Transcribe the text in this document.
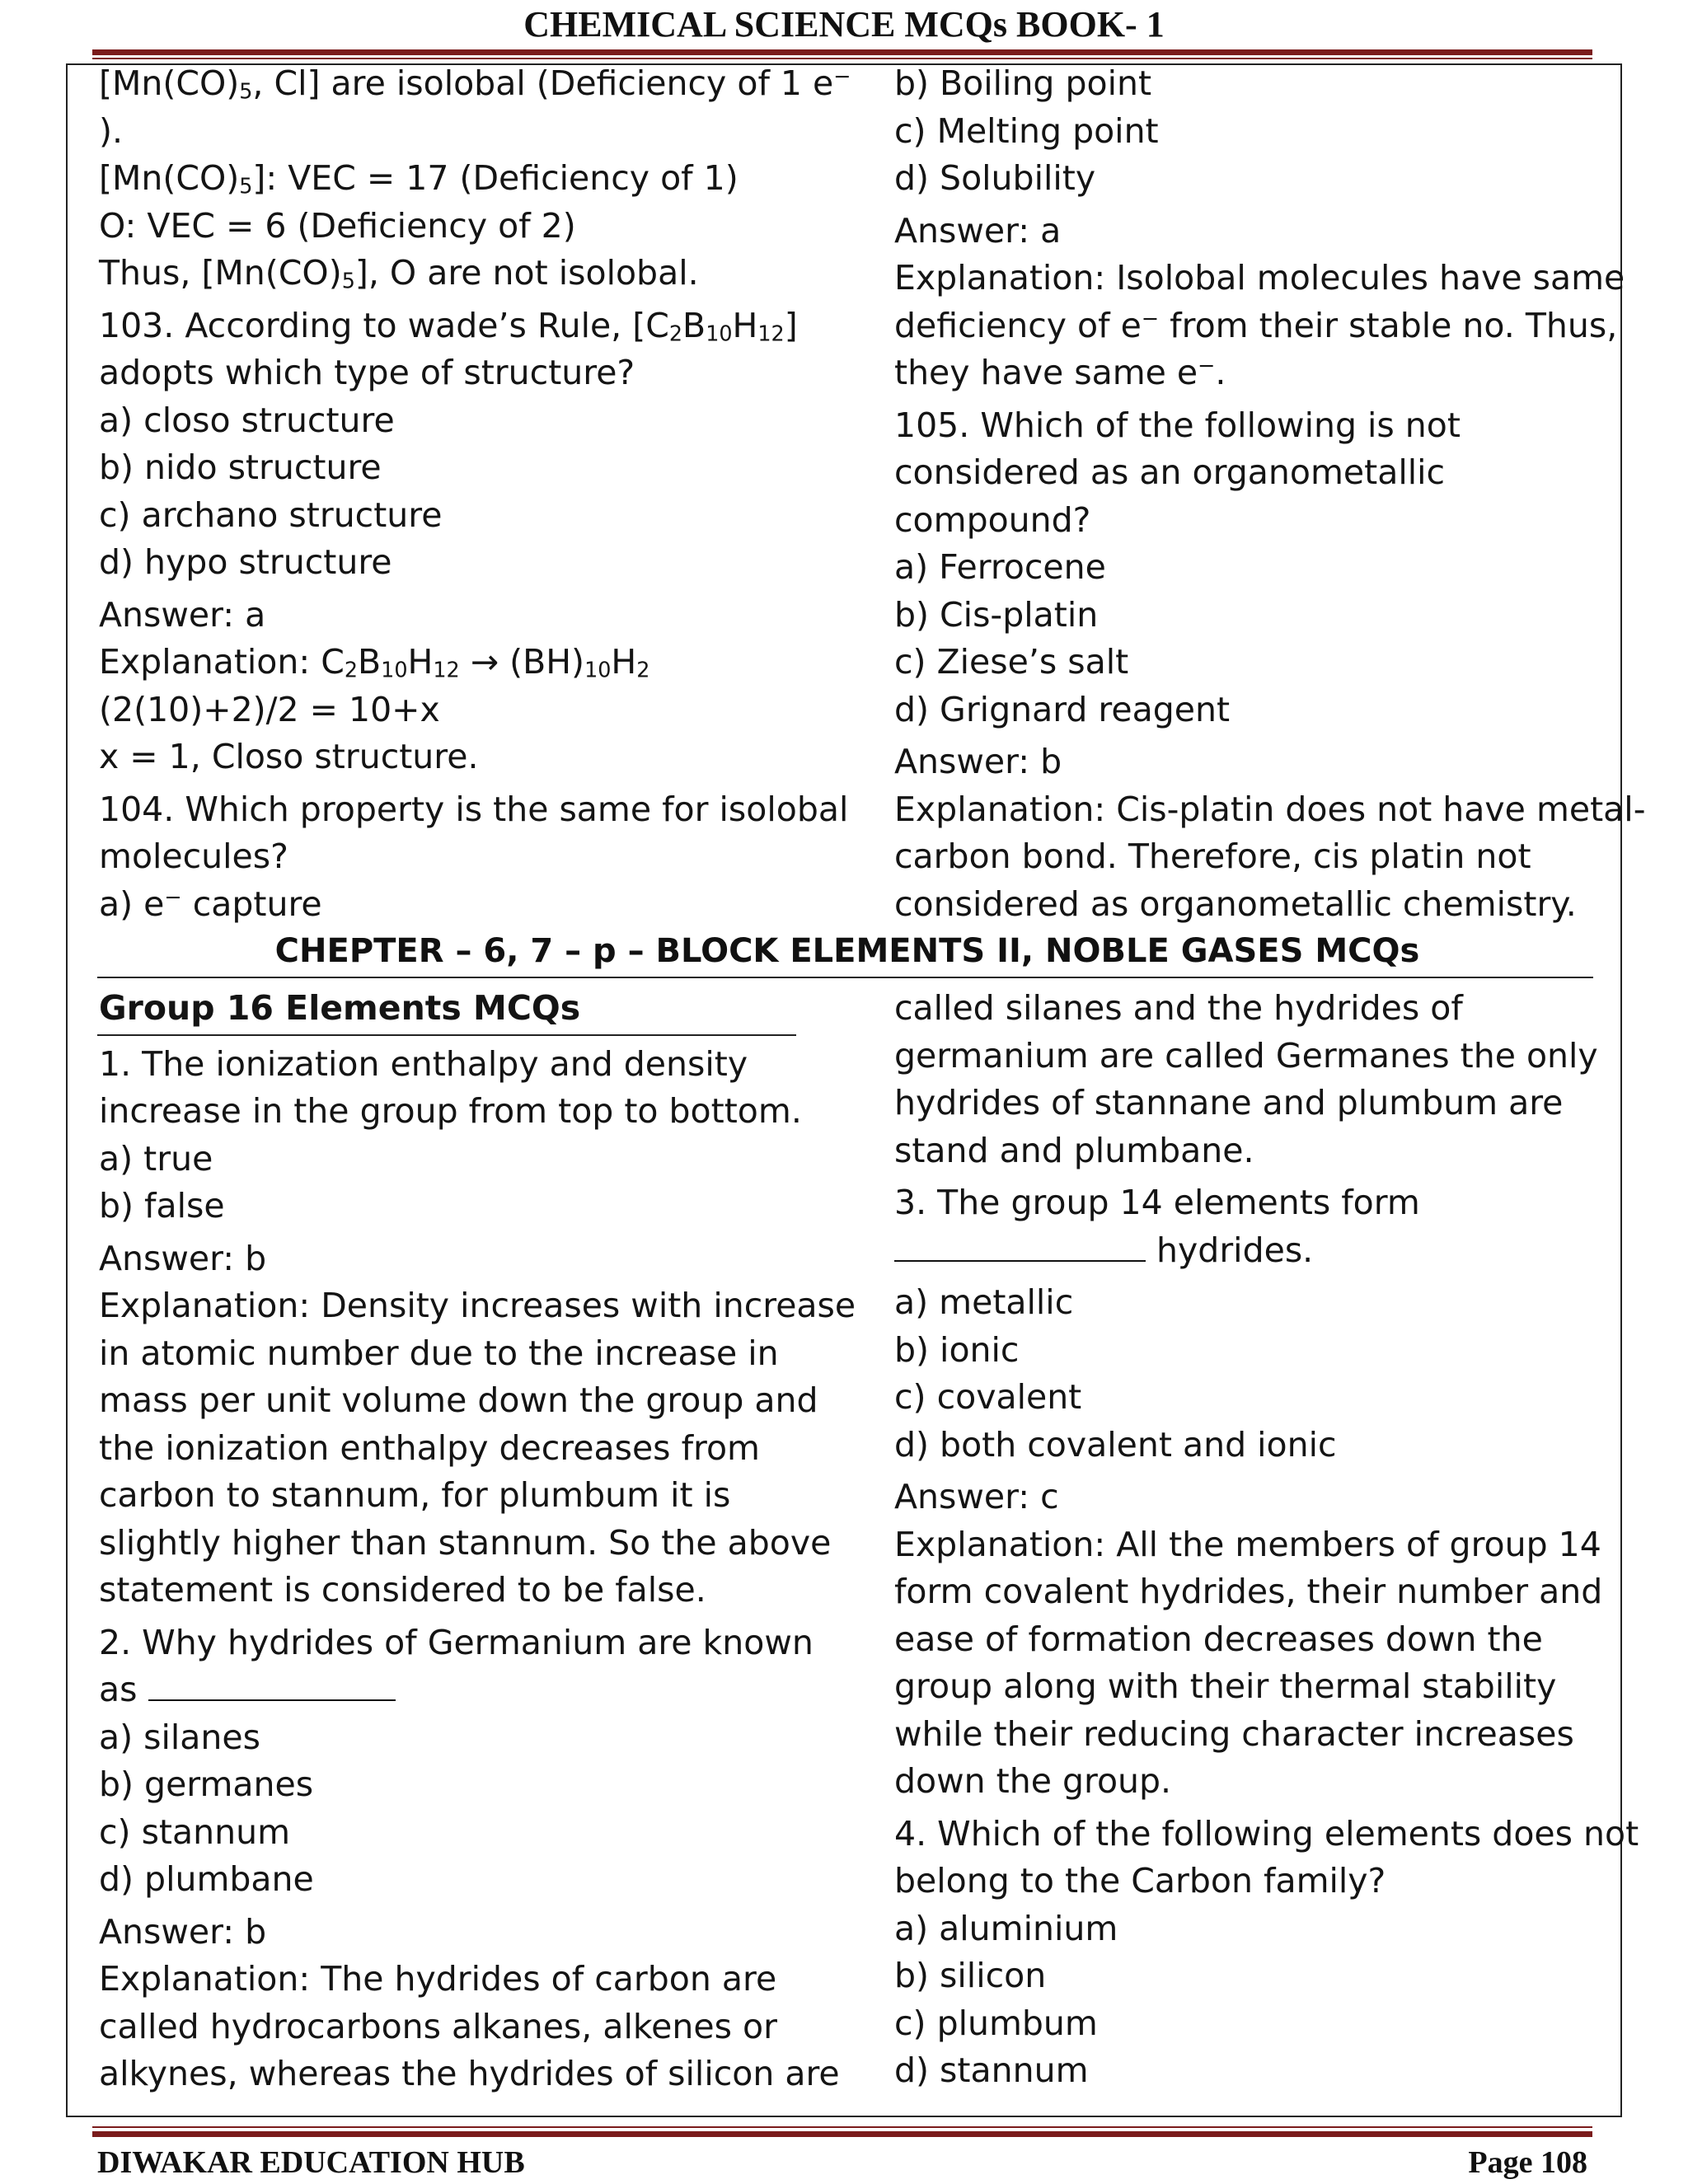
CHEMICAL SCIENCE MCQs BOOK- 1

[$Mn(CO)_5$, Cl] are isolobal (Deficiency of 1 e−

).

$[Mn(CO)_5]$: VEC = 17 (Deficiency of 1)

O: VEC = 6 (Deficiency of 2)

Thus, $[Mn(CO)_5]$, O are not isolobal.

103. According to wade’s Rule, $[C_2B_{10}H_{12}]$

adopts which type of structure?

a) closo structure

b) nido structure

c) archano structure

d) hypo structure

Answer: a

Explanation: $C_2B_{10}H_{12} \to (BH)_{10}H_2$

(2(10)+2)/2 = 10+x

x = 1, Closo structure.

104. Which property is the same for isolobal

molecules?

a) e− capture

b) Boiling point

c) Melting point

d) Solubility

Answer: a

Explanation: Isolobal molecules have same

deficiency of e− from their stable no. Thus,

they have same e−.

105. Which of the following is not

considered as an organometallic

compound?

a) Ferrocene

b) Cis-platin

c) Ziese’s salt

d) Grignard reagent

Answer: b

Explanation: Cis-platin does not have metal-

carbon bond. Therefore, cis platin not

considered as organometallic chemistry.

CHEPTER – 6, 7 – p – BLOCK ELEMENTS II, NOBLE GASES MCQs

Group 16 Elements MCQs

1. The ionization enthalpy and density

increase in the group from top to bottom.

a) true

b) false

Answer: b

Explanation: Density increases with increase

in atomic number due to the increase in

mass per unit volume down the group and

the ionization enthalpy decreases from

carbon to stannum, for plumbum it is

slightly higher than stannum. So the above

statement is considered to be false.

2. Why hydrides of Germanium are known

as

a) silanes

b) germanes

c) stannum

d) plumbane

Answer: b

Explanation: The hydrides of carbon are

called hydrocarbons alkanes, alkenes or

alkynes, whereas the hydrides of silicon are

called silanes and the hydrides of

germanium are called Germanes the only

hydrides of stannane and plumbum are

stand and plumbane.

3. The group 14 elements form

hydrides.

a) metallic

b) ionic

c) covalent

d) both covalent and ionic

Answer: c

Explanation: All the members of group 14

form covalent hydrides, their number and

ease of formation decreases down the

group along with their thermal stability

while their reducing character increases

down the group.

4. Which of the following elements does not

belong to the Carbon family?

a) aluminium

b) silicon

c) plumbum

d) stannum

DIWAKAR EDUCATION HUB	Page 108
